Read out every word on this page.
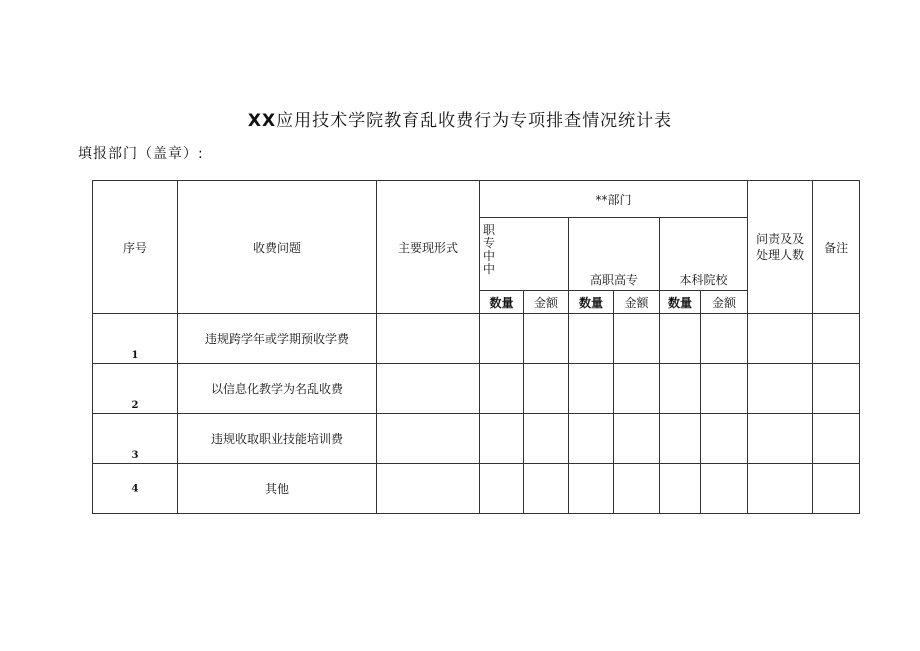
XX应用技术学院教育乱收费行为专项排查情况统计表
填报部门（盖章）:
序号	收费问题	主要现形式	**部门						问责及及处理人数	备注

			职专中中		高职高专		本科院校			
			数量	金额	数量	金额	数量	金额		

1	违规跨学年或学期预收学费									

2	以信息化教学为名乱收费									

3	违规收取职业技能培训费									

4	其他									
